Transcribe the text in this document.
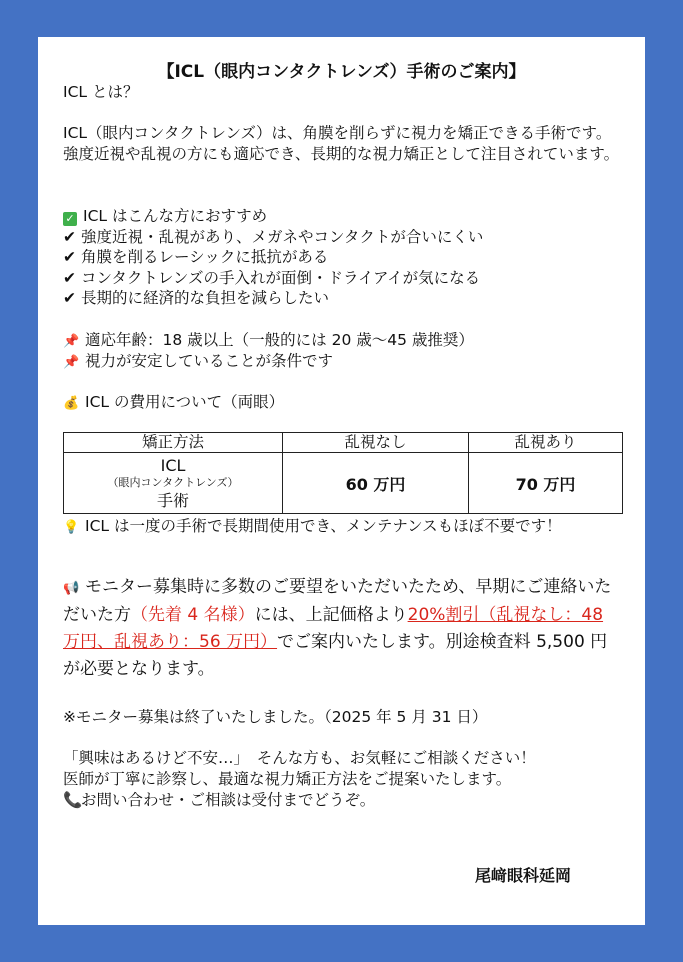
【ICL（眼内コンタクトレンズ）手術のご案内】
ICL とは？
ICL（眼内コンタクトレンズ）は、角膜を削らずに視力を矯正できる手術です。強度近視や乱視の方にも適応でき、長期的な視力矯正として注目されています。
✓ ICL はこんな方におすすめ
✔ 強度近視・乱視があり、メガネやコンタクトが合いにくい
✔ 角膜を削るレーシックに抵抗がある
✔ コンタクトレンズの手入れが面倒・ドライアイが気になる
✔ 長期的に経済的な負担を減らしたい
📌 適応年齢：18 歳以上（一般的には 20 歳～45 歳推奨）
📌 視力が安定していることが条件です
💰 ICL の費用について（両眼）
矯正方法	乱視なし	乱視あり

ICL
（眼内コンタクトレンズ）
手術	60 万円	70 万円
💡 ICL は一度の手術で長期間使用でき、メンテナンスもほぼ不要です！
📢 モニター募集時に多数のご要望をいただいたため、早期にご連絡いただいた方（先着 4 名様）には、上記価格より20%割引（乱視なし：48 万円、乱視あり：56 万円）でご案内いたします。別途検査料 5,500 円が必要となります。
※モニター募集は終了いたしました。（2025 年 5 月 31 日）
「興味はあるけど不安…」　そんな方も、お気軽にご相談ください！
医師が丁寧に診察し、最適な視力矯正方法をご提案いたします。
📞お問い合わせ・ご相談は受付までどうぞ。
尾﨑眼科延岡
